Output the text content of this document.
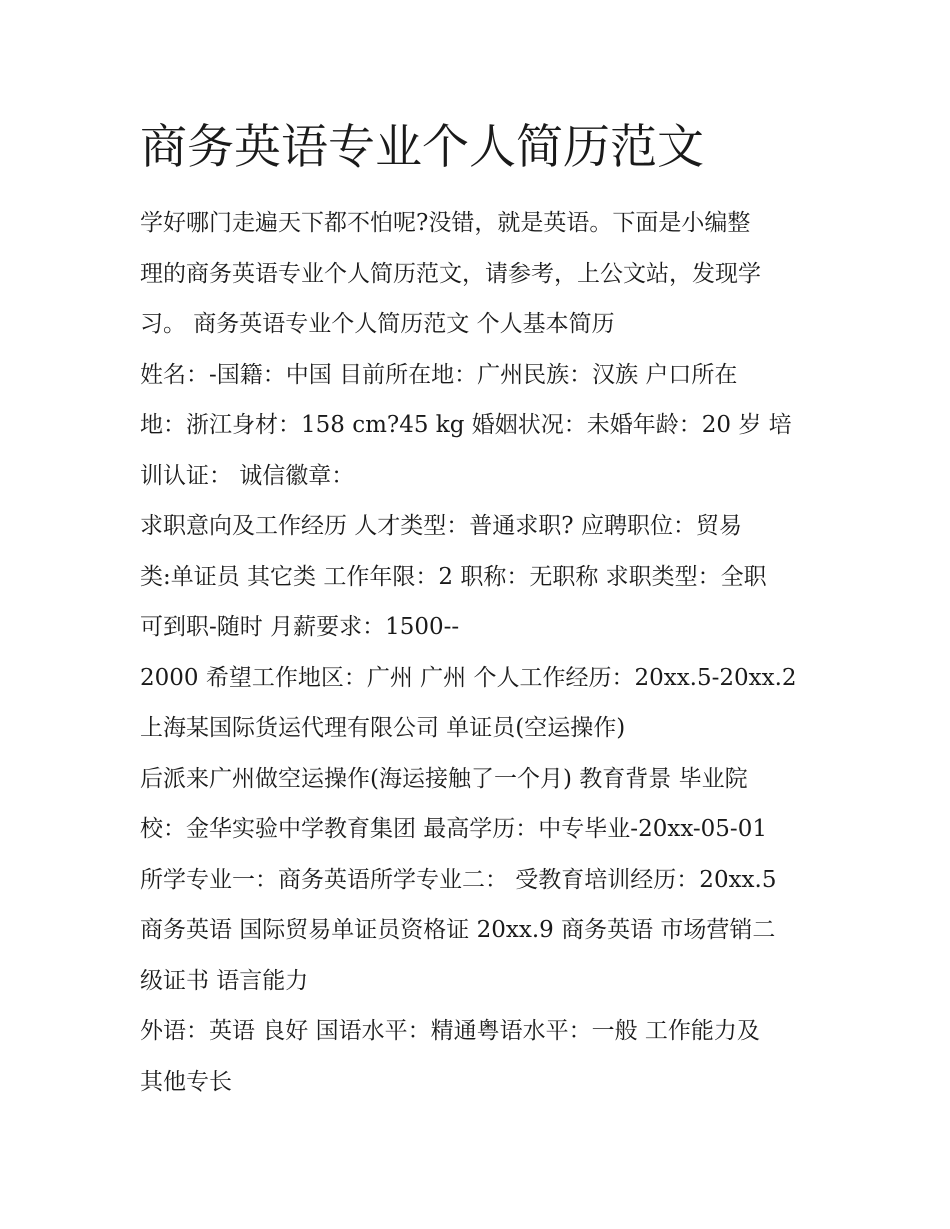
商务英语专业个人简历范文
学好哪门走遍天下都不怕呢?没错，就是英语。下面是小编整
理的商务英语专业个人简历范文，请参考，上公文站，发现学
习。 商务英语专业个人简历范文 个人基本简历
姓名：-国籍：中国 目前所在地：广州民族：汉族 户口所在
地：浙江身材：158 cm?45 kg 婚姻状况：未婚年龄：20 岁 培
训认证： 诚信徽章：
求职意向及工作经历 人才类型：普通求职? 应聘职位：贸易
类:单证员 其它类 工作年限：2 职称：无职称 求职类型：全职
可到职-随时 月薪要求：1500--
2000 希望工作地区：广州 广州 个人工作经历：20xx.5-20xx.2
上海某国际货运代理有限公司 单证员(空运操作)
后派来广州做空运操作(海运接触了一个月) 教育背景 毕业院
校：金华实验中学教育集团 最高学历：中专毕业-20xx-05-01
所学专业一：商务英语所学专业二： 受教育培训经历：20xx.5
商务英语 国际贸易单证员资格证 20xx.9 商务英语 市场营销二
级证书 语言能力
外语：英语 良好 国语水平：精通粤语水平：一般 工作能力及
其他专长
